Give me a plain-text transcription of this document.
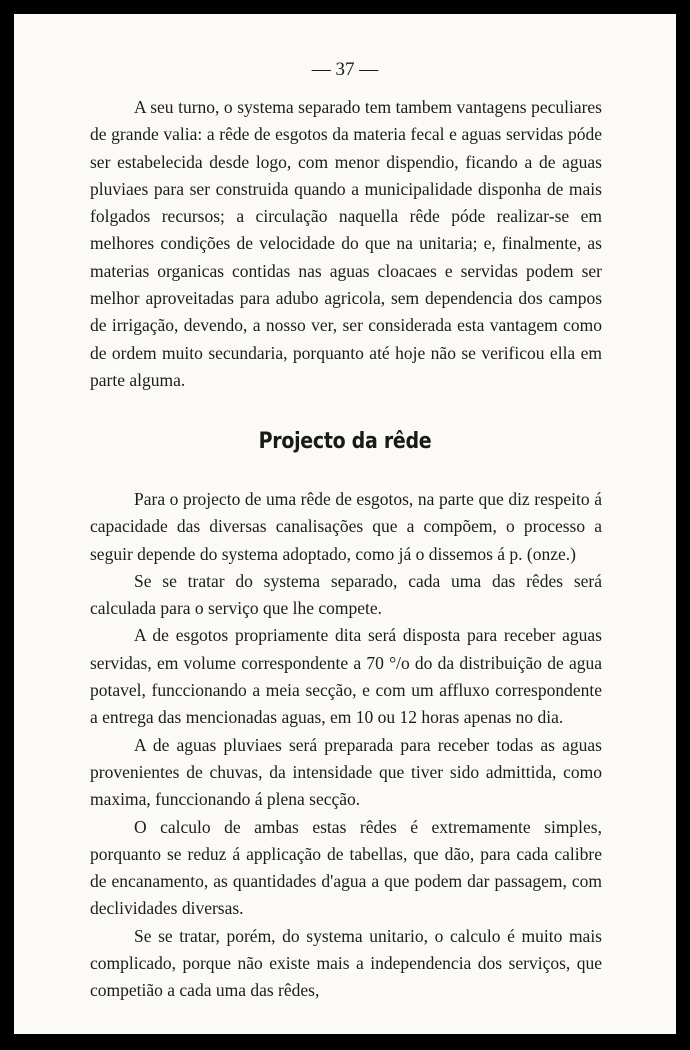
— 37 —

A seu turno, o systema separado tem tambem vantagens peculiares de grande valia: a rêde de esgotos da materia fecal e aguas servidas póde ser estabelecida desde logo, com menor dispendio, ficando a de aguas pluviaes para ser construida quando a municipalidade disponha de mais folgados recursos; a circulação naquella rêde póde realizar-se em melhores condições de velocidade do que na unitaria; e, finalmente, as materias organicas contidas nas aguas cloacaes e servidas podem ser melhor aproveitadas para adubo agricola, sem dependencia dos campos de irrigação, devendo, a nosso ver, ser considerada esta vantagem como de ordem muito secundaria, porquanto até hoje não se verificou ella em parte alguma.

Projecto da rêde

Para o projecto de uma rêde de esgotos, na parte que diz respeito á capacidade das diversas canalisações que a compõem, o processo a seguir depende do systema adoptado, como já o dissemos á p. (onze.)

Se se tratar do systema separado, cada uma das rêdes será calculada para o serviço que lhe compete.

A de esgotos propriamente dita será disposta para receber aguas servidas, em volume correspondente a 70 °/o do da distribuição de agua potavel, funccionando a meia secção, e com um affluxo correspondente a entrega das mencionadas aguas, em 10 ou 12 horas apenas no dia.

A de aguas pluviaes será preparada para receber todas as aguas provenientes de chuvas, da intensidade que tiver sido admittida, como maxima, funccionando á plena secção.

O calculo de ambas estas rêdes é extremamente simples, porquanto se reduz á applicação de tabellas, que dão, para cada calibre de encanamento, as quantidades d'agua a que podem dar passagem, com declividades diversas.

Se se tratar, porém, do systema unitario, o calculo é muito mais complicado, porque não existe mais a independencia dos serviços, que competião a cada uma das rêdes,
